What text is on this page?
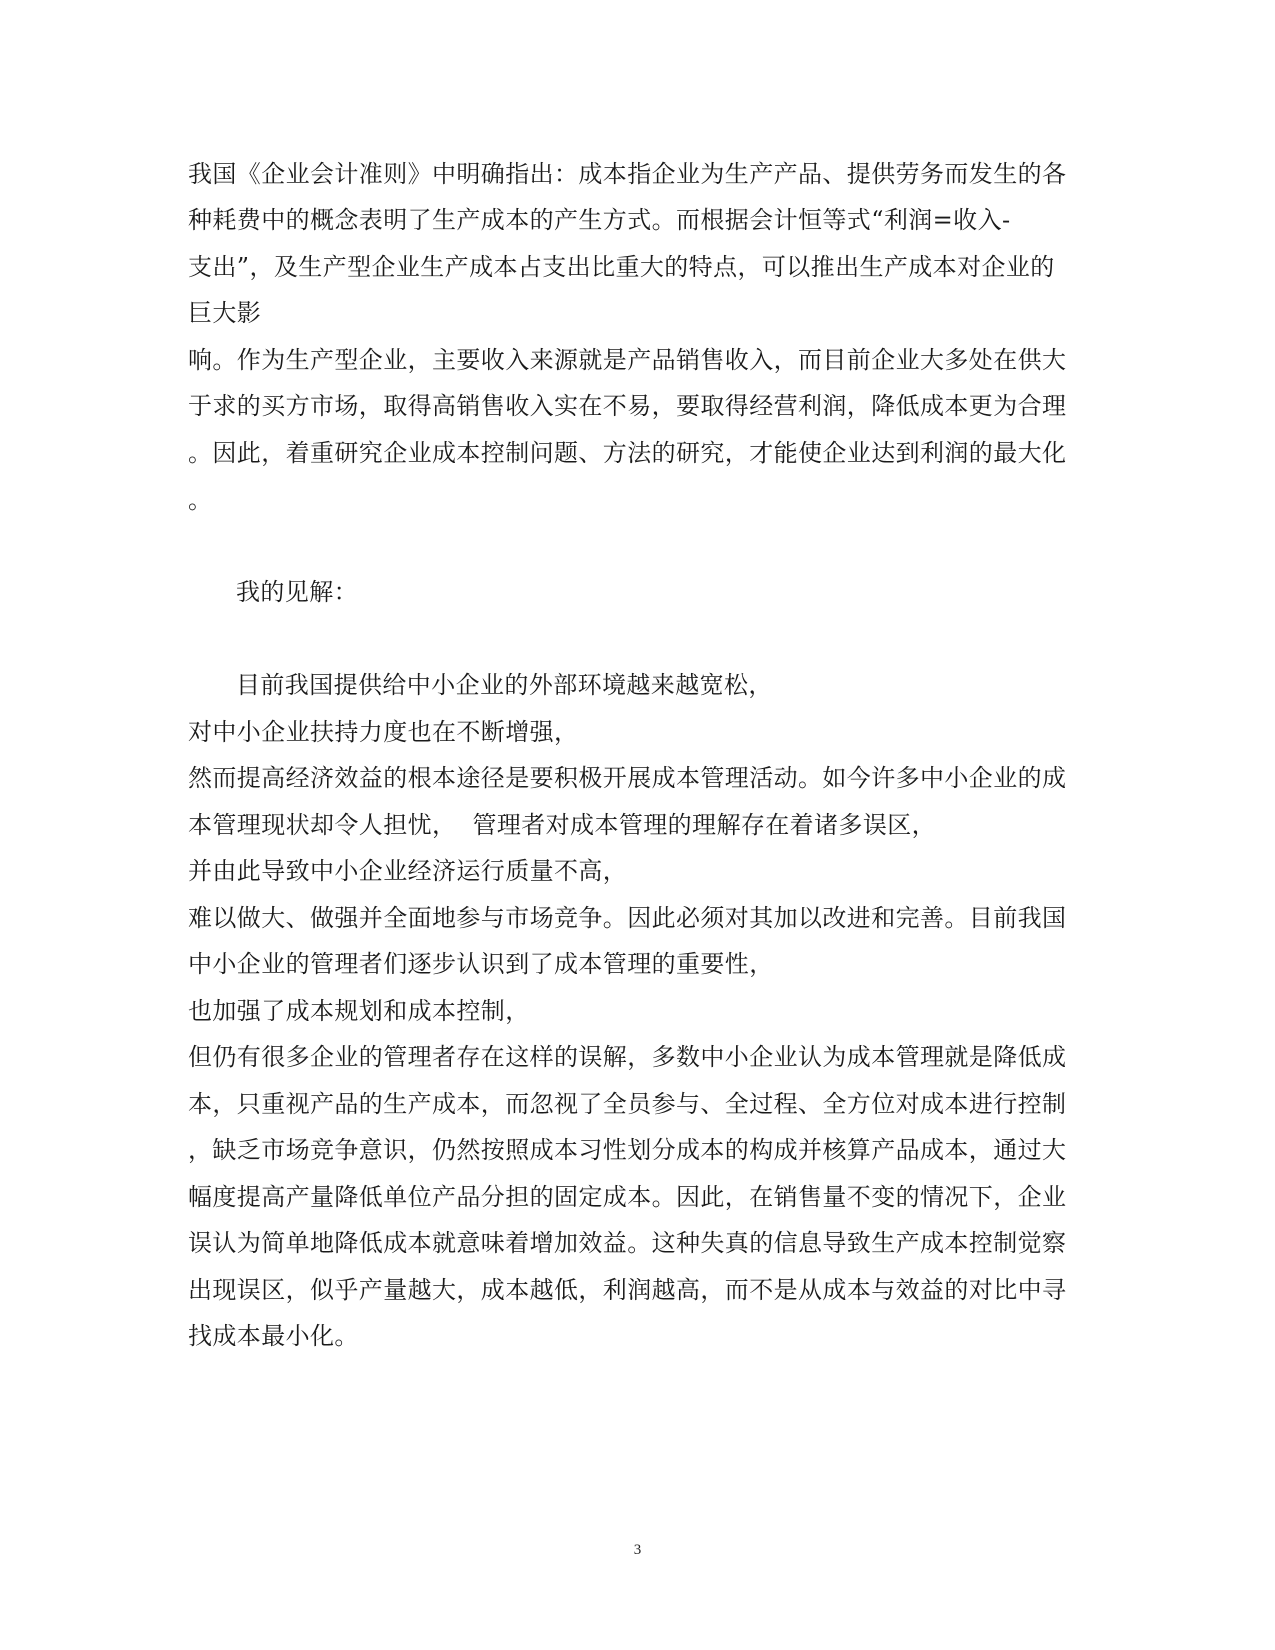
我国《企业会计准则》中明确指出：成本指企业为生产产品、提供劳务而发生的各
种耗费中的概念表明了生产成本的产生方式。而根据会计恒等式“利润=收入-
支出”，及生产型企业生产成本占支出比重大的特点，可以推出生产成本对企业的
巨大影
响。作为生产型企业，主要收入来源就是产品销售收入，而目前企业大多处在供大
于求的买方市场，取得高销售收入实在不易，要取得经营利润，降低成本更为合理
。因此，着重研究企业成本控制问题、方法的研究，才能使企业达到利润的最大化
。
我的见解：
目前我国提供给中小企业的外部环境越来越宽松，
对中小企业扶持力度也在不断增强，
然而提高经济效益的根本途径是要积极开展成本管理活动。如今许多中小企业的成
本管理现状却令人担忧，  管理者对成本管理的理解存在着诸多误区，
并由此导致中小企业经济运行质量不高，
难以做大、做强并全面地参与市场竞争。因此必须对其加以改进和完善。目前我国
中小企业的管理者们逐步认识到了成本管理的重要性，
也加强了成本规划和成本控制，
但仍有很多企业的管理者存在这样的误解，多数中小企业认为成本管理就是降低成
本，只重视产品的生产成本，而忽视了全员参与、全过程、全方位对成本进行控制
，缺乏市场竞争意识，仍然按照成本习性划分成本的构成并核算产品成本，通过大
幅度提高产量降低单位产品分担的固定成本。因此，在销售量不变的情况下，企业
误认为简单地降低成本就意味着增加效益。这种失真的信息导致生产成本控制觉察
出现误区，似乎产量越大，成本越低，利润越高，而不是从成本与效益的对比中寻
找成本最小化。
3
